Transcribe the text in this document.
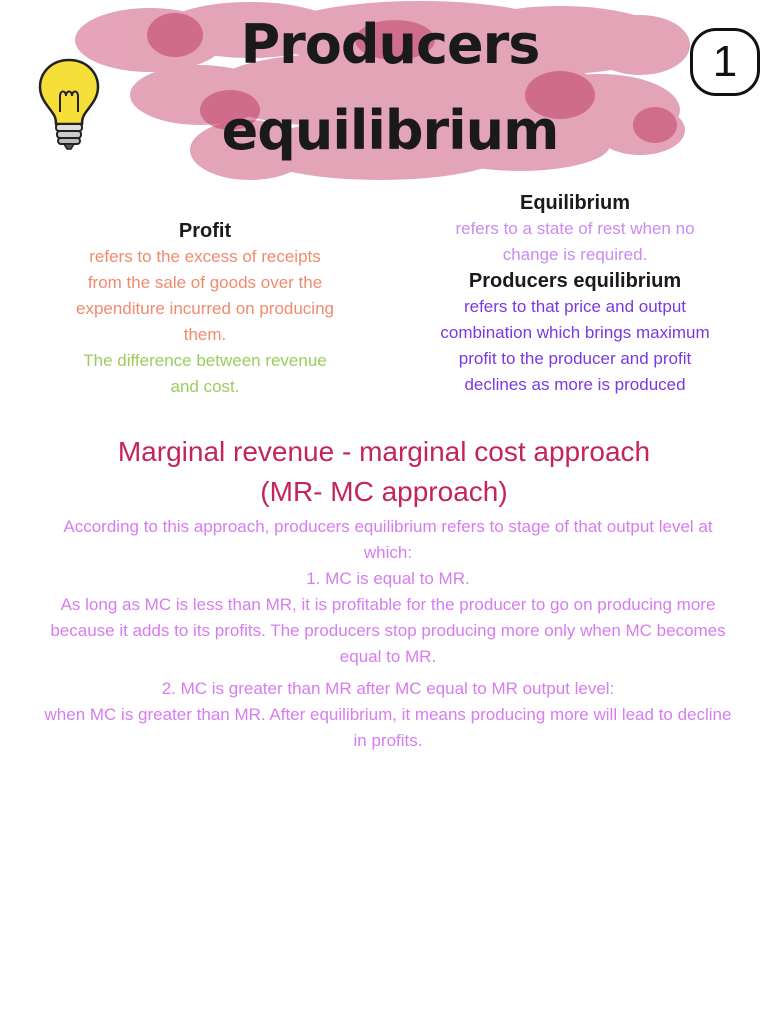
Producers
equilibrium
1
Profit
refers to the excess of receipts from the sale of goods over the expenditure incurred on producing them.
The difference between revenue and cost.
Equilibrium
refers to a state of rest when no change is required.
Producers equilibrium
refers to that price and output combination which brings maximum profit to the producer and profit declines as more is produced
Marginal revenue - marginal cost approach
(MR- MC approach)

According to this approach, producers equilibrium refers to stage of that output level at which:

1. MC is equal to MR.

As long as MC is less than MR, it is profitable for the producer to go on producing more because it adds to its profits. The producers stop producing more only when MC becomes equal to MR.

2. MC is greater than MR after MC equal to MR output level:

when MC is greater than MR. After equilibrium, it means producing more will lead to decline in profits.
